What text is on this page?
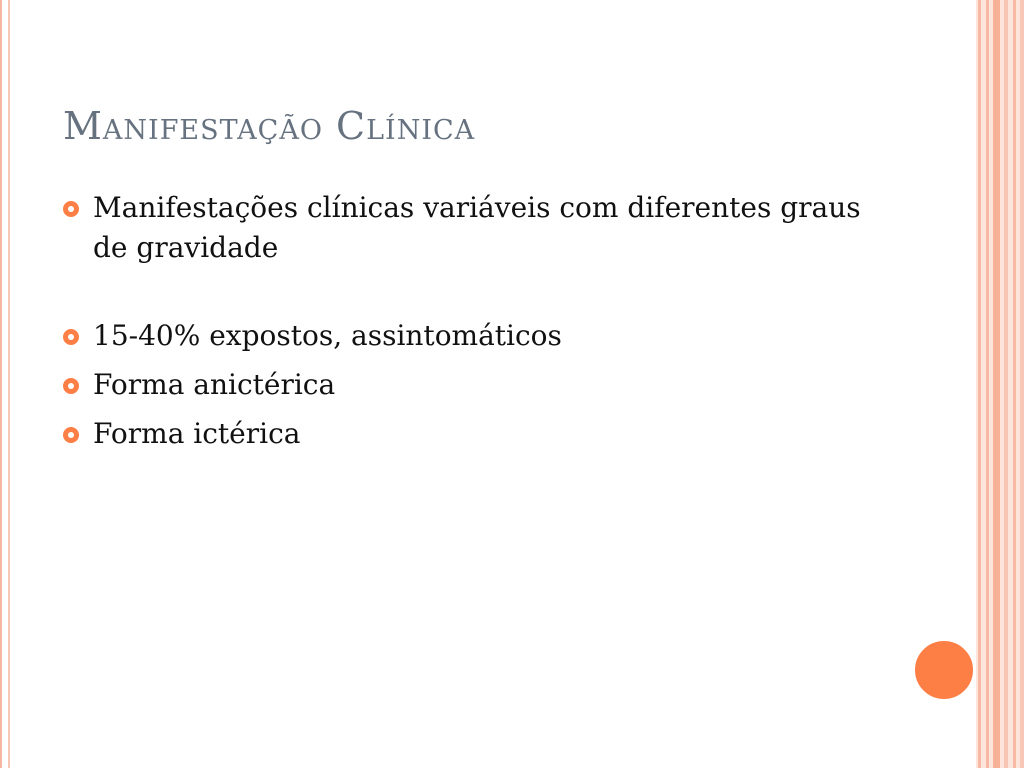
Manifestação Clínica
Manifestações clínicas variáveis com diferentes graus de gravidade
15-40% expostos, assintomáticos
Forma anictérica
Forma ictérica
